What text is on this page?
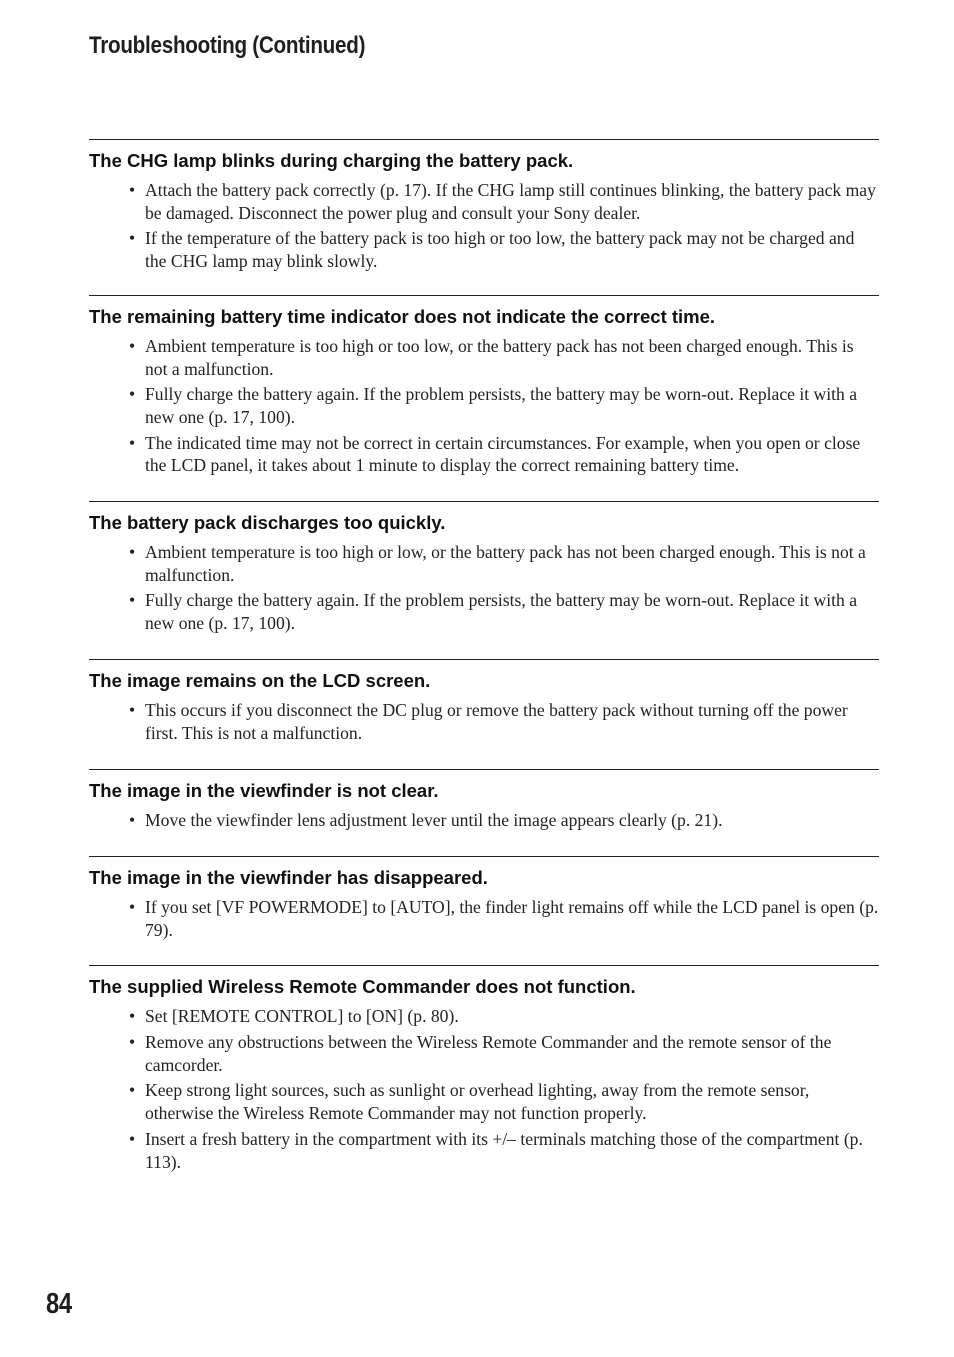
Troubleshooting (Continued)
The CHG lamp blinks during charging the battery pack.
• Attach the battery pack correctly (p. 17). If the CHG lamp still continues blinking, the battery pack may be damaged. Disconnect the power plug and consult your Sony dealer.
• If the temperature of the battery pack is too high or too low, the battery pack may not be charged and the CHG lamp may blink slowly.
The remaining battery time indicator does not indicate the correct time.
• Ambient temperature is too high or too low, or the battery pack has not been charged enough. This is not a malfunction.
• Fully charge the battery again. If the problem persists, the battery may be worn-out. Replace it with a new one (p. 17, 100).
• The indicated time may not be correct in certain circumstances. For example, when you open or close the LCD panel, it takes about 1 minute to display the correct remaining battery time.
The battery pack discharges too quickly.
• Ambient temperature is too high or low, or the battery pack has not been charged enough. This is not a malfunction.
• Fully charge the battery again. If the problem persists, the battery may be worn-out. Replace it with a new one (p. 17, 100).
The image remains on the LCD screen.
• This occurs if you disconnect the DC plug or remove the battery pack without turning off the power first. This is not a malfunction.
The image in the viewfinder is not clear.
• Move the viewfinder lens adjustment lever until the image appears clearly (p. 21).
The image in the viewfinder has disappeared.
• If you set [VF POWERMODE] to [AUTO], the finder light remains off while the LCD panel is open (p. 79).
The supplied Wireless Remote Commander does not function.
• Set [REMOTE CONTROL] to [ON] (p. 80).
• Remove any obstructions between the Wireless Remote Commander and the remote sensor of the camcorder.
• Keep strong light sources, such as sunlight or overhead lighting, away from the remote sensor, otherwise the Wireless Remote Commander may not function properly.
• Insert a fresh battery in the compartment with its +/– terminals matching those of the compartment (p. 113).
84
